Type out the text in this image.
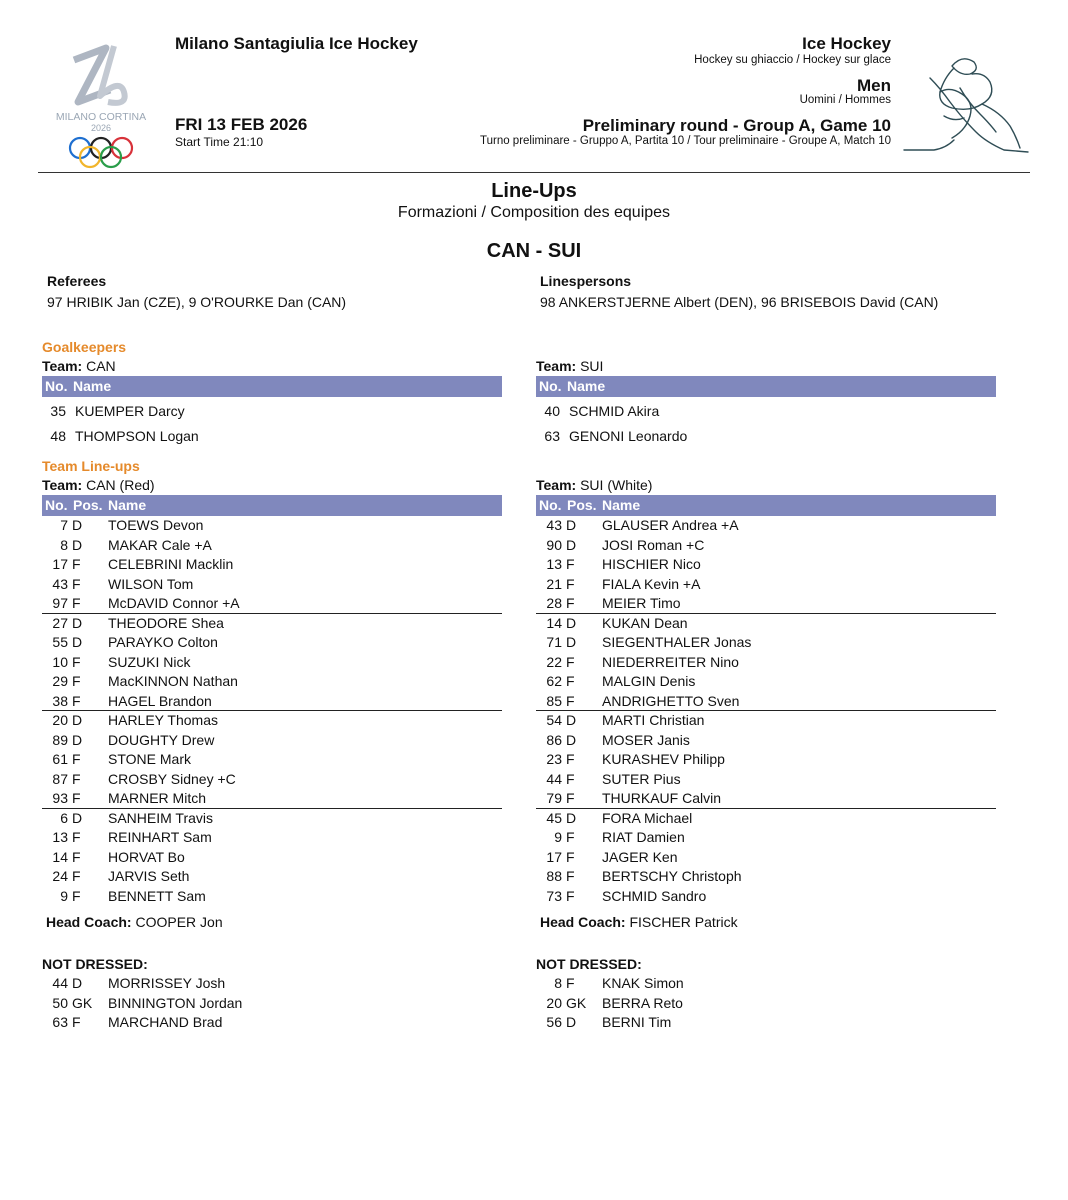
MILANO CORTINA
2026
Milano Santagiulia Ice Hockey
FRI 13 FEB 2026
Start Time 21:10
Ice Hockey
Hockey su ghiaccio / Hockey sur glace
Men
Uomini / Hommes
Preliminary round - Group A, Game 10
Turno preliminare - Gruppo A, Partita 10 / Tour preliminaire - Groupe A, Match 10
Line-Ups
Formazioni / Composition des equipes
CAN - SUI
Referees
97 HRIBIK Jan (CZE), 9 O'ROURKE Dan (CAN)
Linespersons
98 ANKERSTJERNE Albert (DEN), 96 BRISEBOIS David (CAN)
Goalkeepers
Team: CAN
No. Name
35 KUEMPER Darcy
48 THOMPSON Logan
Team: SUI
No. Name
40 SCHMID Akira
63 GENONI Leonardo
Team Line-ups
Team: CAN (Red)
No. Pos. Name
7 D TOEWS Devon
8 D MAKAR Cale +A
17 F CELEBRINI Macklin
43 F WILSON Tom
97 F McDAVID Connor +A
27 D THEODORE Shea
55 D PARAYKO Colton
10 F SUZUKI Nick
29 F MacKINNON Nathan
38 F HAGEL Brandon
20 D HARLEY Thomas
89 D DOUGHTY Drew
61 F STONE Mark
87 F CROSBY Sidney +C
93 F MARNER Mitch
6 D SANHEIM Travis
13 F REINHART Sam
14 F HORVAT Bo
24 F JARVIS Seth
9 F BENNETT Sam
Head Coach: COOPER Jon
NOT DRESSED:
44 D MORRISSEY Josh
50 GK BINNINGTON Jordan
63 F MARCHAND Brad
Team: SUI (White)
No. Pos. Name
43 D GLAUSER Andrea +A
90 D JOSI Roman +C
13 F HISCHIER Nico
21 F FIALA Kevin +A
28 F MEIER Timo
14 D KUKAN Dean
71 D SIEGENTHALER Jonas
22 F NIEDERREITER Nino
62 F MALGIN Denis
85 F ANDRIGHETTO Sven
54 D MARTI Christian
86 D MOSER Janis
23 F KURASHEV Philipp
44 F SUTER Pius
79 F THURKAUF Calvin
45 D FORA Michael
9 F RIAT Damien
17 F JAGER Ken
88 F BERTSCHY Christoph
73 F SCHMID Sandro
Head Coach: FISCHER Patrick
NOT DRESSED:
8 F KNAK Simon
20 GK BERRA Reto
56 D BERNI Tim
